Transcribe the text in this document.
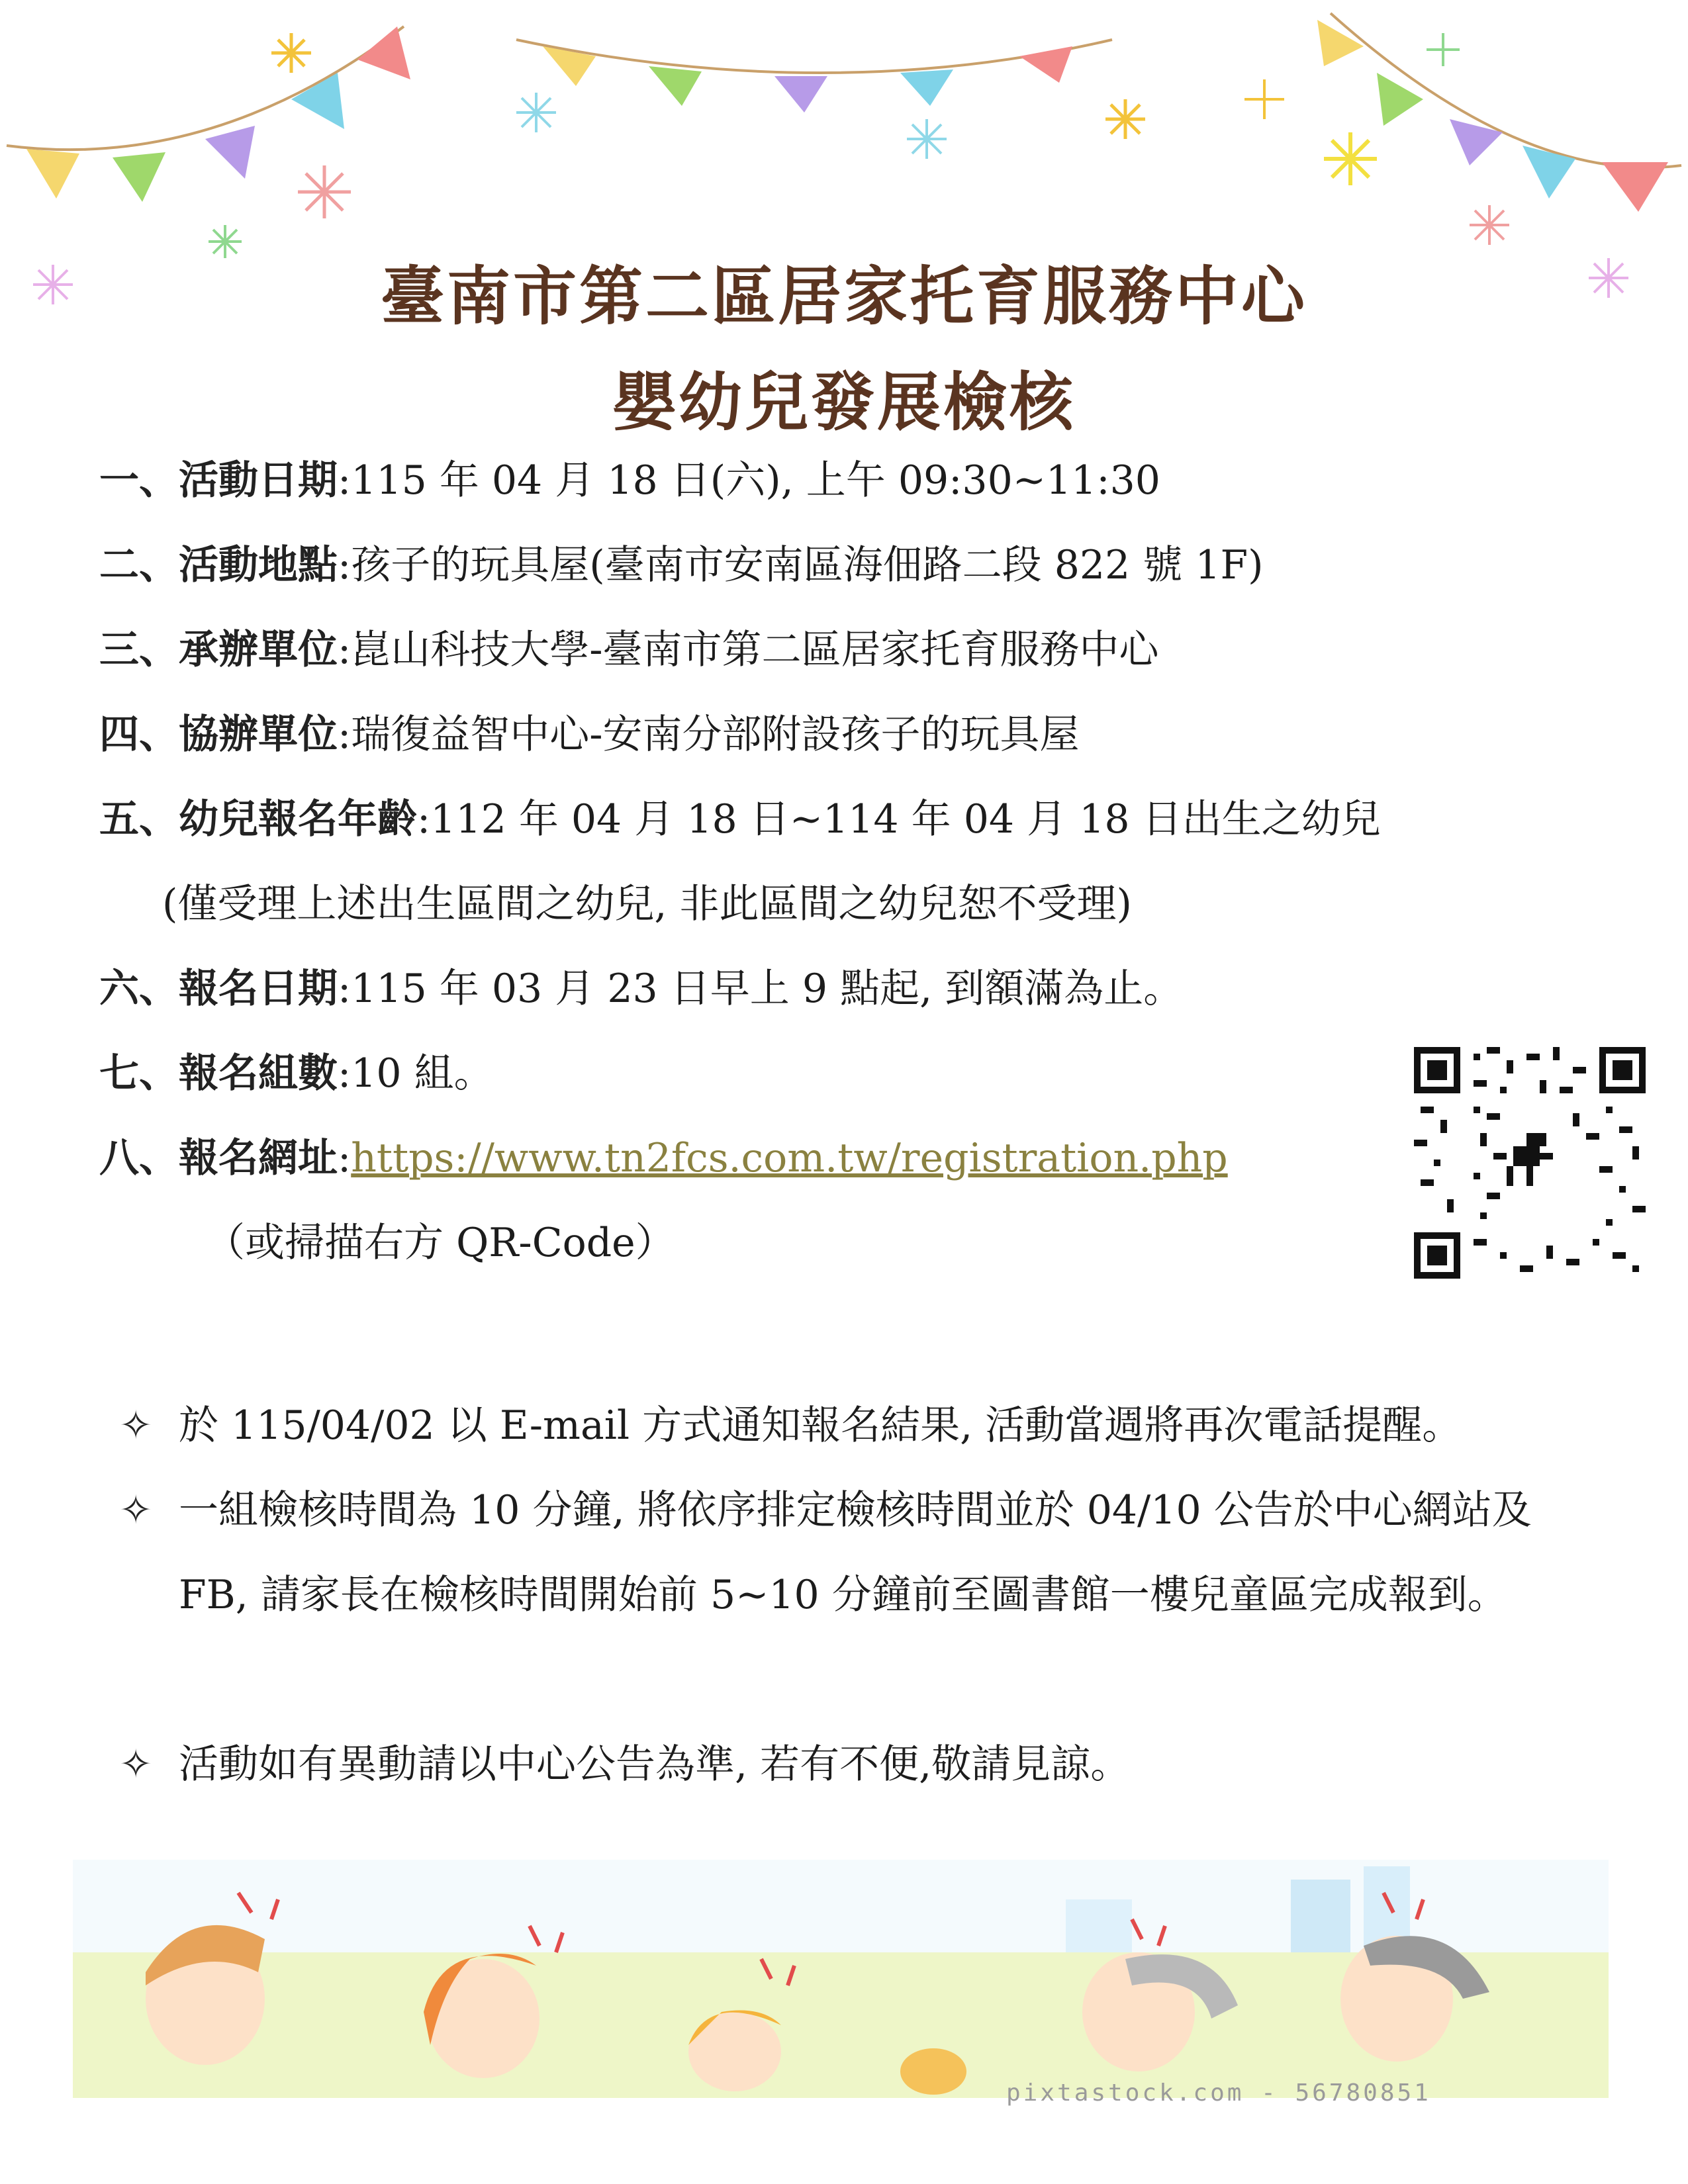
臺南市第二區居家托育服務中心
嬰幼兒發展檢核
一、活動日期:115 年 04 月 18 日(六), 上午 09:30~11:30
二、活動地點:孩子的玩具屋(臺南市安南區海佃路二段 822 號 1F)
三、承辦單位:崑山科技大學-臺南市第二區居家托育服務中心
四、協辦單位:瑞復益智中心-安南分部附設孩子的玩具屋
五、幼兒報名年齡:112 年 04 月 18 日~114 年 04 月 18 日出生之幼兒
(僅受理上述出生區間之幼兒, 非此區間之幼兒恕不受理)
六、報名日期:115 年 03 月 23 日早上 9 點起, 到額滿為止。
七、報名組數:10 組。
八、報名網址:https://www.tn2fcs.com.tw/registration.php
（或掃描右方 QR-Code）
✧ 於 115/04/02 以 E-mail 方式通知報名結果, 活動當週將再次電話提醒。
✧ 一組檢核時間為 10 分鐘, 將依序排定檢核時間並於 04/10 公告於中心網站及 FB, 請家長在檢核時間開始前 5~10 分鐘前至圖書館一樓兒童區完成報到。
✧ 活動如有異動請以中心公告為準, 若有不便,敬請見諒。
pixtastock.com - 56780851
